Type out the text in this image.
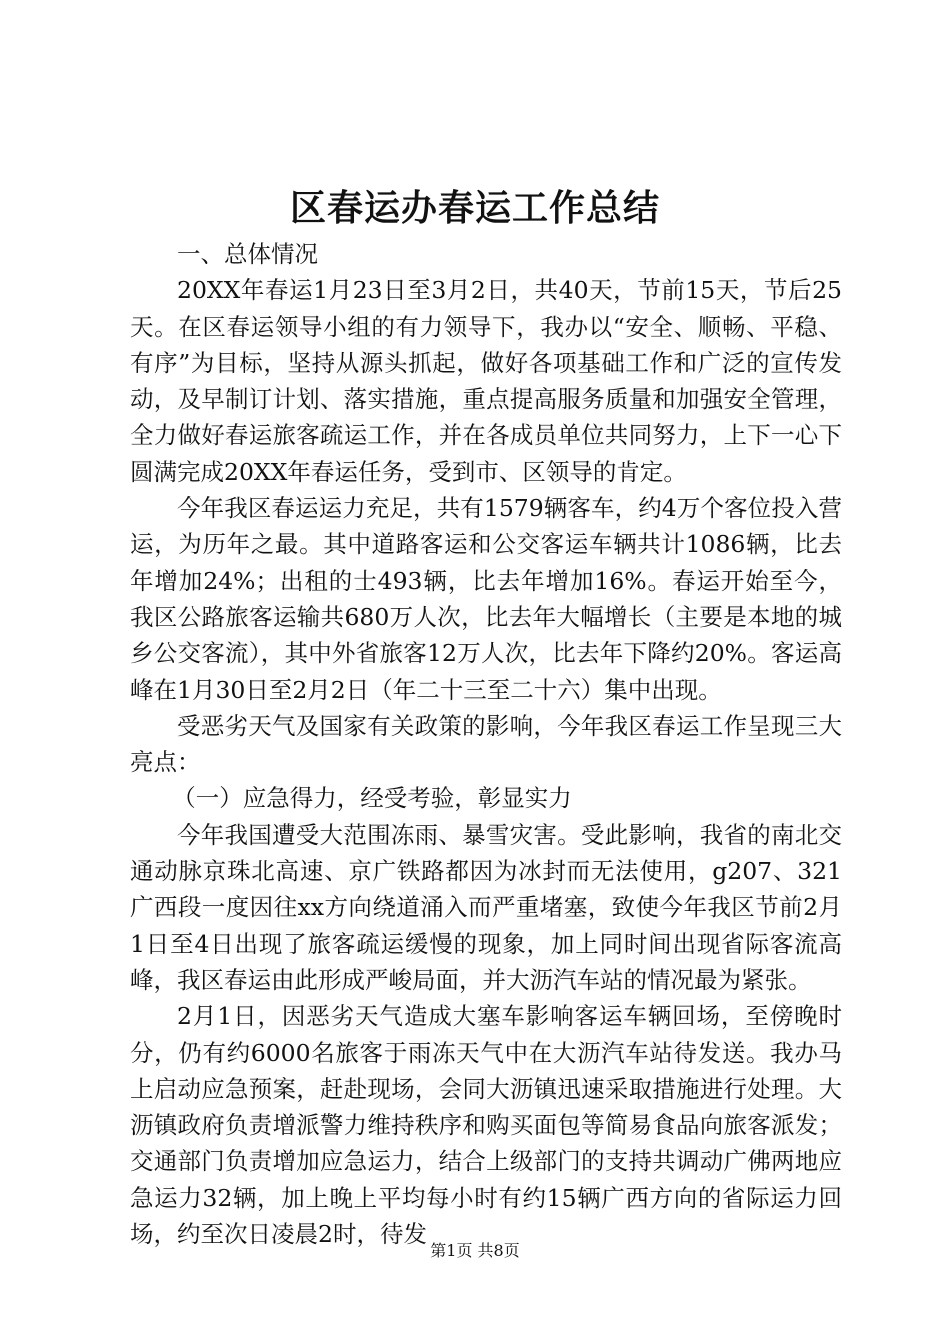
区春运办春运工作总结

一、总体情况

20XX年春运1月23日至3月2日，共40天，节前15天，节后25天。在区春运领导小组的有力领导下，我办以“安全、顺畅、平稳、有序”为目标，坚持从源头抓起，做好各项基础工作和广泛的宣传发动，及早制订计划、落实措施，重点提高服务质量和加强安全管理，全力做好春运旅客疏运工作，并在各成员单位共同努力，上下一心下圆满完成20XX年春运任务，受到市、区领导的肯定。

今年我区春运运力充足，共有1579辆客车，约4万个客位投入营运，为历年之最。其中道路客运和公交客运车辆共计1086辆，比去年增加24%；出租的士493辆，比去年增加16%。春运开始至今，我区公路旅客运输共680万人次，比去年大幅增长（主要是本地的城乡公交客流），其中外省旅客12万人次，比去年下降约20%。客运高峰在1月30日至2月2日（年二十三至二十六）集中出现。

受恶劣天气及国家有关政策的影响，今年我区春运工作呈现三大亮点：

（一）应急得力，经受考验，彰显实力

今年我国遭受大范围冻雨、暴雪灾害。受此影响，我省的南北交通动脉京珠北高速、京广铁路都因为冰封而无法使用，g207、321广西段一度因往xx方向绕道涌入而严重堵塞，致使今年我区节前2月1日至4日出现了旅客疏运缓慢的现象，加上同时间出现省际客流高峰，我区春运由此形成严峻局面，并大沥汽车站的情况最为紧张。

2月1日，因恶劣天气造成大塞车影响客运车辆回场，至傍晚时分，仍有约6000名旅客于雨冻天气中在大沥汽车站待发送。我办马上启动应急预案，赶赴现场，会同大沥镇迅速采取措施进行处理。大沥镇政府负责增派警力维持秩序和购买面包等简易食品向旅客派发；交通部门负责增加应急运力，结合上级部门的支持共调动广佛两地应急运力32辆，加上晚上平均每小时有约15辆广西方向的省际运力回场，约至次日凌晨2时，待发

第1页 共8页
